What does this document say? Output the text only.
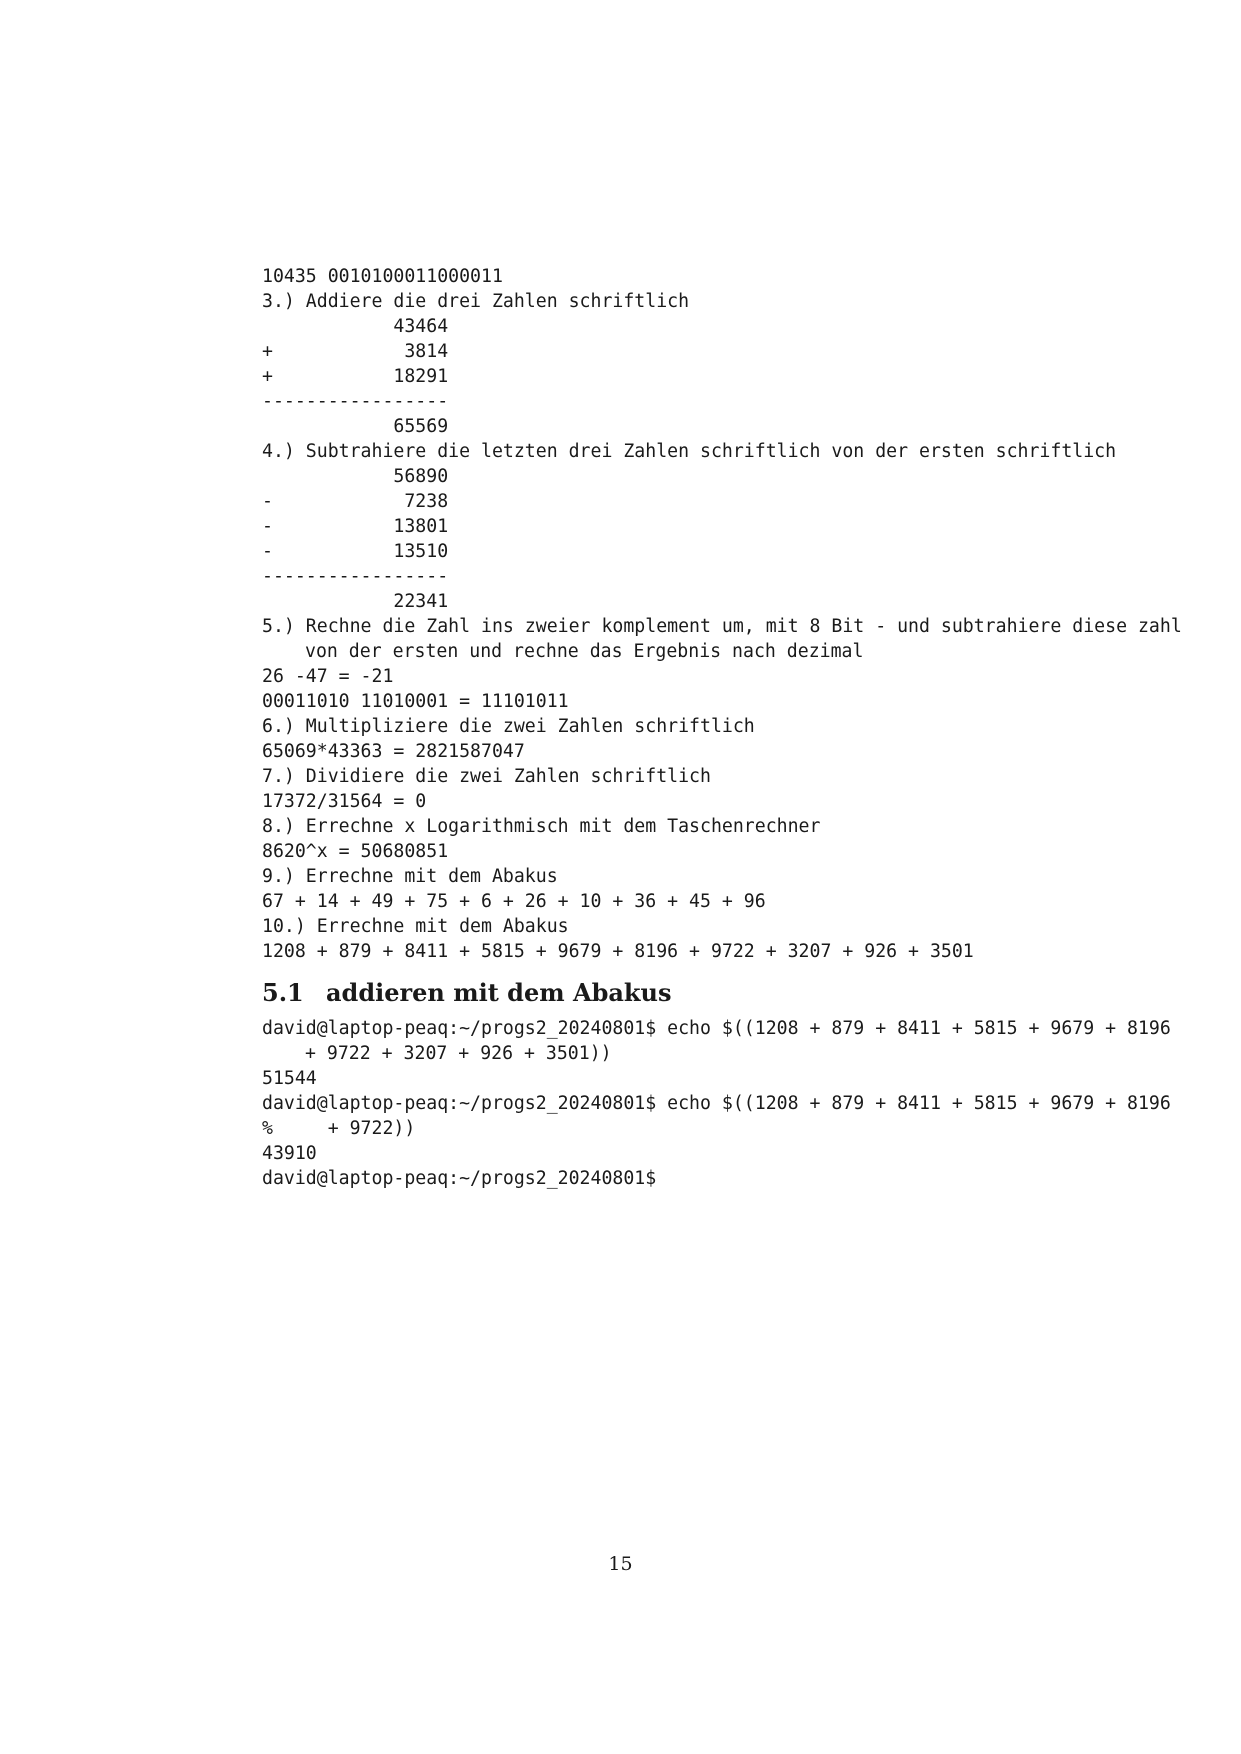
10435 0010100011000011
3.) Addiere die drei Zahlen schriftlich
43464
+            3814
+           18291
-----------------
65569
4.) Subtrahiere die letzten drei Zahlen schriftlich von der ersten schriftlich
56890
-            7238
-           13801
-           13510
-----------------
22341
5.) Rechne die Zahl ins zweier komplement um, mit 8 Bit - und subtrahiere diese zahl
von der ersten und rechne das Ergebnis nach dezimal
26 -47 = -21
00011010 11010001 = 11101011
6.) Multipliziere die zwei Zahlen schriftlich
65069*43363 = 2821587047
7.) Dividiere die zwei Zahlen schriftlich
17372/31564 = 0
8.) Errechne x Logarithmisch mit dem Taschenrechner
8620^x = 50680851
9.) Errechne mit dem Abakus
67 + 14 + 49 + 75 + 6 + 26 + 10 + 36 + 45 + 96
10.) Errechne mit dem Abakus
1208 + 879 + 8411 + 5815 + 9679 + 8196 + 9722 + 3207 + 926 + 3501
5.1 addieren mit dem Abakus
david@laptop-peaq:~/progs2_20240801$ echo $((1208 + 879 + 8411 + 5815 + 9679 + 8196
+ 9722 + 3207 + 926 + 3501))
51544
david@laptop-peaq:~/progs2_20240801$ echo $((1208 + 879 + 8411 + 5815 + 9679 + 8196
%     + 9722))
43910
david@laptop-peaq:~/progs2_20240801$
15
